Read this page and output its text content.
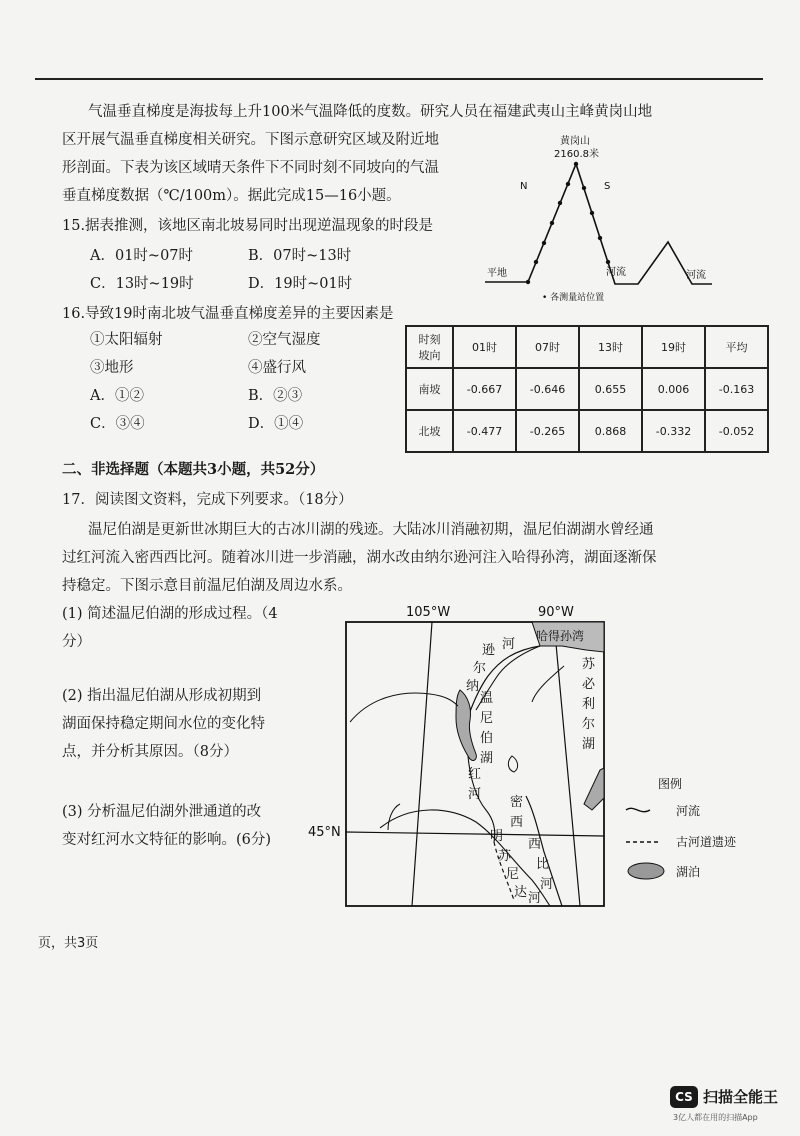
气温垂直梯度是海拔每上升100米气温降低的度数。研究人员在福建武夷山主峰黄岗山地
区开展气温垂直梯度相关研究。下图示意研究区域及附近地
形剖面。下表为该区域晴天条件下不同时刻不同坡向的气温
垂直梯度数据（℃/100m）。据此完成15—16小题。
15.据表推测，该地区南北坡易同时出现逆温现象的时段是
A．01时~07时	B．07时~13时
C．13时~19时	D．19时~01时
16.导致19时南北坡气温垂直梯度差异的主要因素是
①太阳辐射	②空气湿度
③地形	④盛行风
A．①②	B．②③
C．③④	D．①④
黄岗山
2160.8米
N	S
平地	河流	河流
• 各测量站位置
时刻
坡向	01时	07时	13时	19时	平均
南坡	-0.667	-0.646	0.655	0.006	-0.163
北坡	-0.477	-0.265	0.868	-0.332	-0.052
二、非选择题（本题共3小题，共52分）
17．阅读图文资料，完成下列要求。（18分）
温尼伯湖是更新世冰期巨大的古冰川湖的残迹。大陆冰川消融初期，温尼伯湖湖水曾经通
过红河流入密西西比河。随着冰川进一步消融，湖水改由纳尔逊河注入哈得孙湾，湖面逐渐保
持稳定。下图示意目前温尼伯湖及周边水系。
(1) 简述温尼伯湖的形成过程。（4
分）
(2) 指出温尼伯湖从形成初期到
湖面保持稳定期间水位的变化特
点，并分析其原因。（8分）
(3) 分析温尼伯湖外泄通道的改
变对红河水文特征的影响。(6分)
105°W	90°W
45°N
哈得孙湾
逊
尔
纳
河
温
尼
伯
湖
苏
必
利
尔
湖
红
河
密
西
西
比
河
明
苏
尼
达 河
图例
河流
古河道遗迹
湖泊
页，共3页
CS 扫描全能王
3亿人都在用的扫描App
